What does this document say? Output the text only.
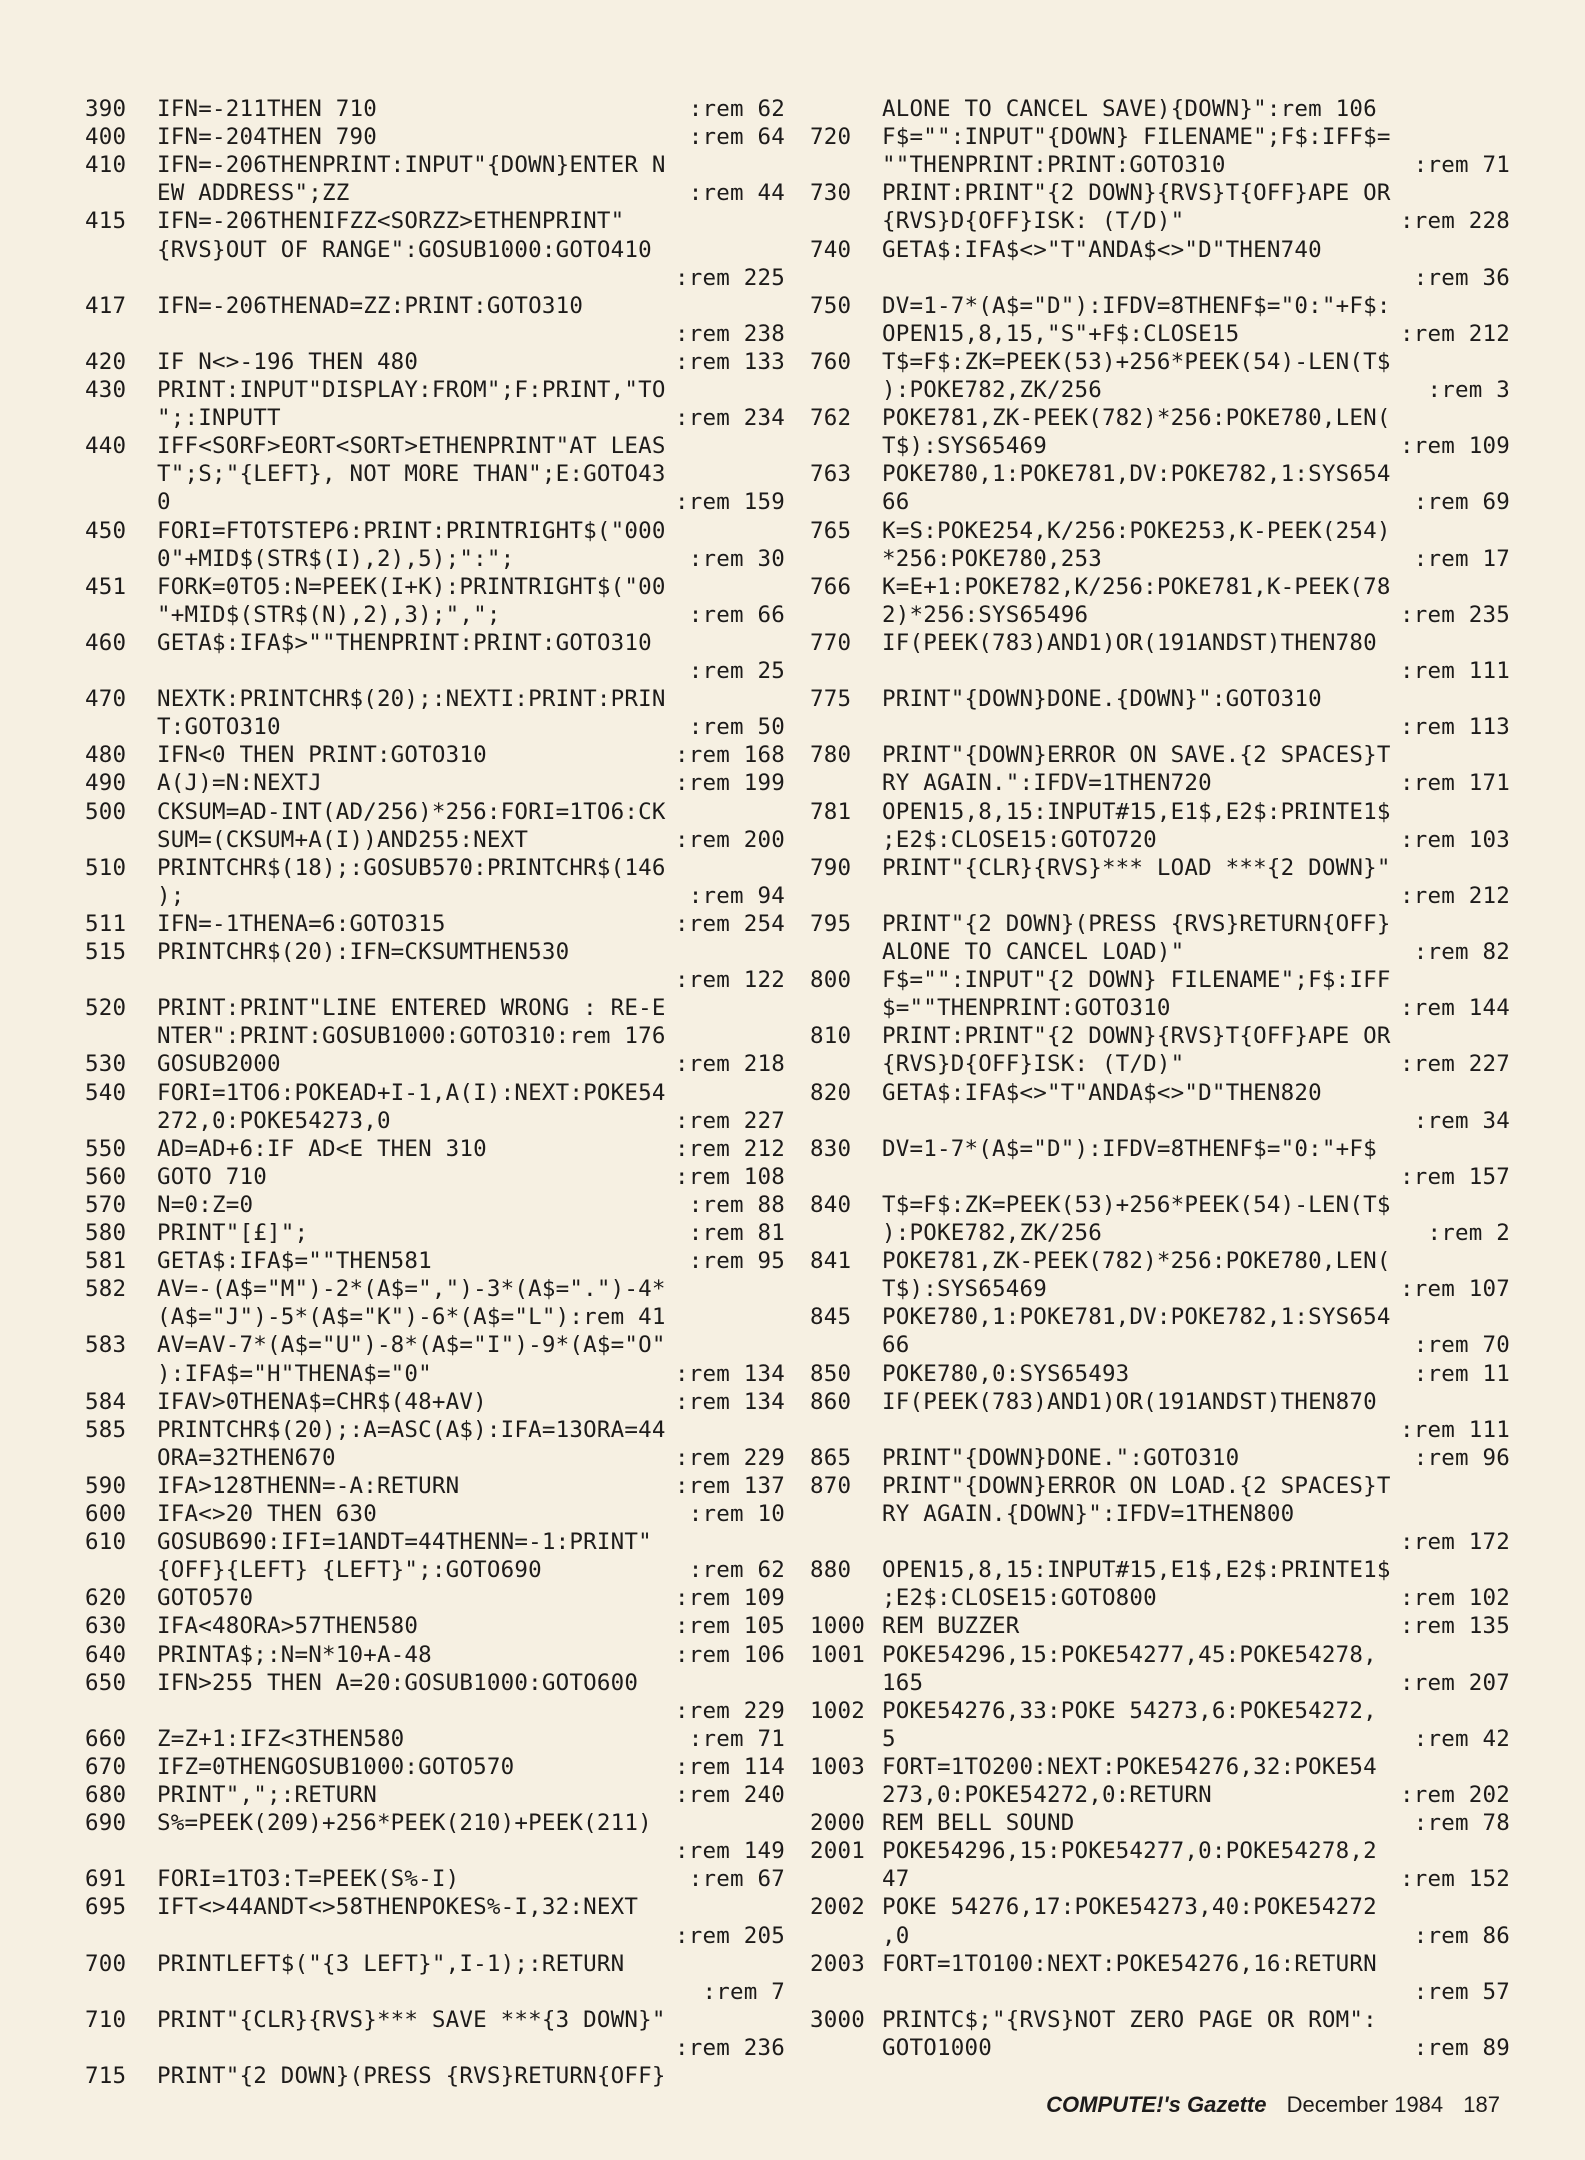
390 IFN=-211THEN 710	:rem 62
400 IFN=-204THEN 790	:rem 64
410 IFN=-206THENPRINT:INPUT"{DOWN}ENTER N
EW ADDRESS";ZZ	:rem 44
415 IFN=-206THENIFZZ<SORZZ>ETHENPRINT"
{RVS}OUT OF RANGE":GOSUB1000:GOTO410
:rem 225
417 IFN=-206THENAD=ZZ:PRINT:GOTO310
:rem 238
420 IF N<>-196 THEN 480	:rem 133
430 PRINT:INPUT"DISPLAY:FROM";F:PRINT,"TO
";:INPUTT	:rem 234
440 IFF<SORF>EORT<SORT>ETHENPRINT"AT LEAS
T";S;"{LEFT}, NOT MORE THAN";E:GOTO43
0	:rem 159
450 FORI=FTOTSTEP6:PRINT:PRINTRIGHT$("000
0"+MID$(STR$(I),2),5);":";	:rem 30
451 FORK=0TO5:N=PEEK(I+K):PRINTRIGHT$("00
"+MID$(STR$(N),2),3);",";	:rem 66
460 GETA$:IFA$>""THENPRINT:PRINT:GOTO310
:rem 25
470 NEXTK:PRINTCHR$(20);:NEXTI:PRINT:PRIN
T:GOTO310	:rem 50
480 IFN<0 THEN PRINT:GOTO310	:rem 168
490 A(J)=N:NEXTJ	:rem 199
500 CKSUM=AD-INT(AD/256)*256:FORI=1TO6:CK
SUM=(CKSUM+A(I))AND255:NEXT	:rem 200
510 PRINTCHR$(18);:GOSUB570:PRINTCHR$(146
);	:rem 94
511 IFN=-1THENA=6:GOTO315	:rem 254
515 PRINTCHR$(20):IFN=CKSUMTHEN530
:rem 122
520 PRINT:PRINT"LINE ENTERED WRONG : RE-E
NTER":PRINT:GOSUB1000:GOTO310:rem 176
530 GOSUB2000	:rem 218
540 FORI=1TO6:POKEAD+I-1,A(I):NEXT:POKE54
272,0:POKE54273,0	:rem 227
550 AD=AD+6:IF AD<E THEN 310	:rem 212
560 GOTO 710	:rem 108
570 N=0:Z=0	:rem 88
580 PRINT"[£]";	:rem 81
581 GETA$:IFA$=""THEN581	:rem 95
582 AV=-(A$="M")-2*(A$=",")-3*(A$=".")-4*
(A$="J")-5*(A$="K")-6*(A$="L"):rem 41
583 AV=AV-7*(A$="U")-8*(A$="I")-9*(A$="O"
):IFA$="H"THENA$="0"	:rem 134
584 IFAV>0THENA$=CHR$(48+AV)	:rem 134
585 PRINTCHR$(20);:A=ASC(A$):IFA=13ORA=44
ORA=32THEN670	:rem 229
590 IFA>128THENN=-A:RETURN	:rem 137
600 IFA<>20 THEN 630	:rem 10
610 GOSUB690:IFI=1ANDT=44THENN=-1:PRINT"
{OFF}{LEFT} {LEFT}";:GOTO690	:rem 62
620 GOTO570	:rem 109
630 IFA<48ORA>57THEN580	:rem 105
640 PRINTA$;:N=N*10+A-48	:rem 106
650 IFN>255 THEN A=20:GOSUB1000:GOTO600
:rem 229
660 Z=Z+1:IFZ<3THEN580	:rem 71
670 IFZ=0THENGOSUB1000:GOTO570	:rem 114
680 PRINT",";:RETURN	:rem 240
690 S%=PEEK(209)+256*PEEK(210)+PEEK(211)
:rem 149
691 FORI=1TO3:T=PEEK(S%-I)	:rem 67
695 IFT<>44ANDT<>58THENPOKES%-I,32:NEXT
:rem 205
700 PRINTLEFT$("{3 LEFT}",I-1);:RETURN
:rem 7
710 PRINT"{CLR}{RVS}*** SAVE ***{3 DOWN}"
:rem 236
715 PRINT"{2 DOWN}(PRESS {RVS}RETURN{OFF}
ALONE TO CANCEL SAVE){DOWN}":rem 106
720 F$="":INPUT"{DOWN} FILENAME";F$:IFF$=
""THENPRINT:PRINT:GOTO310	:rem 71
730 PRINT:PRINT"{2 DOWN}{RVS}T{OFF}APE OR
{RVS}D{OFF}ISK: (T/D)"	:rem 228
740 GETA$:IFA$<>"T"ANDA$<>"D"THEN740
:rem 36
750 DV=1-7*(A$="D"):IFDV=8THENF$="0:"+F$:
OPEN15,8,15,"S"+F$:CLOSE15	:rem 212
760 T$=F$:ZK=PEEK(53)+256*PEEK(54)-LEN(T$
):POKE782,ZK/256	:rem 3
762 POKE781,ZK-PEEK(782)*256:POKE780,LEN(
T$):SYS65469	:rem 109
763 POKE780,1:POKE781,DV:POKE782,1:SYS654
66	:rem 69
765 K=S:POKE254,K/256:POKE253,K-PEEK(254)
*256:POKE780,253	:rem 17
766 K=E+1:POKE782,K/256:POKE781,K-PEEK(78
2)*256:SYS65496	:rem 235
770 IF(PEEK(783)AND1)OR(191ANDST)THEN780
:rem 111
775 PRINT"{DOWN}DONE.{DOWN}":GOTO310
:rem 113
780 PRINT"{DOWN}ERROR ON SAVE.{2 SPACES}T
RY AGAIN.":IFDV=1THEN720	:rem 171
781 OPEN15,8,15:INPUT#15,E1$,E2$:PRINTE1$
;E2$:CLOSE15:GOTO720	:rem 103
790 PRINT"{CLR}{RVS}*** LOAD ***{2 DOWN}"
:rem 212
795 PRINT"{2 DOWN}(PRESS {RVS}RETURN{OFF}
ALONE TO CANCEL LOAD)"	:rem 82
800 F$="":INPUT"{2 DOWN} FILENAME";F$:IFF
$=""THENPRINT:GOTO310	:rem 144
810 PRINT:PRINT"{2 DOWN}{RVS}T{OFF}APE OR
{RVS}D{OFF}ISK: (T/D)"	:rem 227
820 GETA$:IFA$<>"T"ANDA$<>"D"THEN820
:rem 34
830 DV=1-7*(A$="D"):IFDV=8THENF$="0:"+F$
:rem 157
840 T$=F$:ZK=PEEK(53)+256*PEEK(54)-LEN(T$
):POKE782,ZK/256	:rem 2
841 POKE781,ZK-PEEK(782)*256:POKE780,LEN(
T$):SYS65469	:rem 107
845 POKE780,1:POKE781,DV:POKE782,1:SYS654
66	:rem 70
850 POKE780,0:SYS65493	:rem 11
860 IF(PEEK(783)AND1)OR(191ANDST)THEN870
:rem 111
865 PRINT"{DOWN}DONE.":GOTO310	:rem 96
870 PRINT"{DOWN}ERROR ON LOAD.{2 SPACES}T
RY AGAIN.{DOWN}":IFDV=1THEN800
:rem 172
880 OPEN15,8,15:INPUT#15,E1$,E2$:PRINTE1$
;E2$:CLOSE15:GOTO800	:rem 102
1000 REM BUZZER	:rem 135
1001 POKE54296,15:POKE54277,45:POKE54278,
165	:rem 207
1002 POKE54276,33:POKE 54273,6:POKE54272,
5	:rem 42
1003 FORT=1TO200:NEXT:POKE54276,32:POKE54
273,0:POKE54272,0:RETURN	:rem 202
2000 REM BELL SOUND	:rem 78
2001 POKE54296,15:POKE54277,0:POKE54278,2
47	:rem 152
2002 POKE 54276,17:POKE54273,40:POKE54272
,0	:rem 86
2003 FORT=1TO100:NEXT:POKE54276,16:RETURN
:rem 57
3000 PRINTC$;"{RVS}NOT ZERO PAGE OR ROM":
GOTO1000	:rem 89
COMPUTE!'s Gazette December 1984 187
